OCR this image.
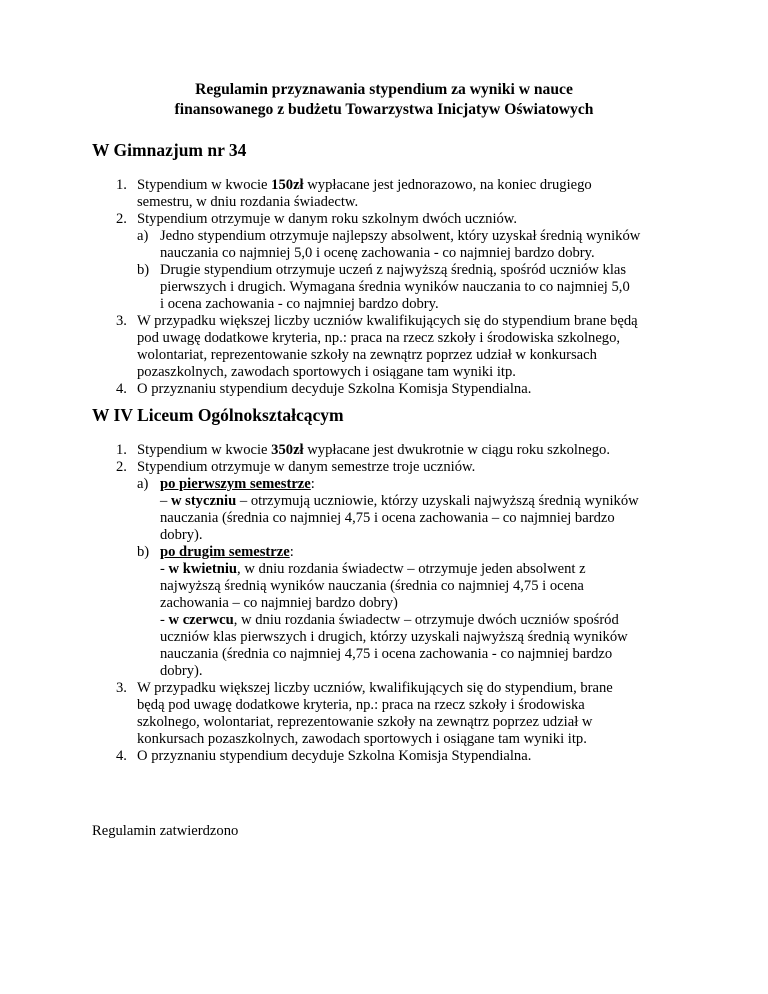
Regulamin przyznawania stypendium za wyniki w nauce
finansowanego z budżetu Towarzystwa Inicjatyw Oświatowych
W Gimnazjum nr 34
1. Stypendium w kwocie 150zł wypłacane jest jednorazowo, na koniec drugiego
semestru, w dniu rozdania świadectw.
2. Stypendium otrzymuje w danym roku szkolnym dwóch uczniów.
a) Jedno stypendium otrzymuje najlepszy absolwent, który uzyskał średnią wyników
nauczania co najmniej 5,0 i ocenę zachowania - co najmniej bardzo dobry.
b) Drugie stypendium otrzymuje uczeń z najwyższą średnią, spośród uczniów klas
pierwszych i drugich. Wymagana średnia wyników nauczania to co najmniej 5,0
i ocena zachowania - co najmniej bardzo dobry.
3. W przypadku większej liczby uczniów kwalifikujących się do stypendium brane będą
pod uwagę dodatkowe kryteria, np.: praca na rzecz szkoły i środowiska szkolnego,
wolontariat, reprezentowanie szkoły na zewnątrz poprzez udział w konkursach
pozaszkolnych, zawodach sportowych i osiągane tam wyniki itp.
4. O przyznaniu stypendium decyduje Szkolna Komisja Stypendialna.
W IV Liceum Ogólnokształcącym
1. Stypendium w kwocie 350zł wypłacane jest dwukrotnie w ciągu roku szkolnego.
2. Stypendium otrzymuje w danym semestrze troje uczniów.
a) po pierwszym semestrze:
– w styczniu – otrzymują uczniowie, którzy uzyskali najwyższą średnią wyników
nauczania (średnia co najmniej 4,75 i ocena zachowania – co najmniej bardzo
dobry).
b) po drugim semestrze:
- w kwietniu, w dniu rozdania świadectw – otrzymuje jeden absolwent z
najwyższą średnią wyników nauczania (średnia co najmniej 4,75 i ocena
zachowania – co najmniej bardzo dobry)
- w czerwcu, w dniu rozdania świadectw – otrzymuje dwóch uczniów spośród
uczniów klas pierwszych i drugich, którzy uzyskali najwyższą średnią wyników
nauczania (średnia co najmniej 4,75 i ocena zachowania - co najmniej bardzo
dobry).
3. W przypadku większej liczby uczniów, kwalifikujących się do stypendium, brane
będą pod uwagę dodatkowe kryteria, np.: praca na rzecz szkoły i środowiska
szkolnego, wolontariat, reprezentowanie szkoły na zewnątrz poprzez udział w
konkursach pozaszkolnych, zawodach sportowych i osiągane tam wyniki itp.
4. O przyznaniu stypendium decyduje Szkolna Komisja Stypendialna.
Regulamin zatwierdzono
